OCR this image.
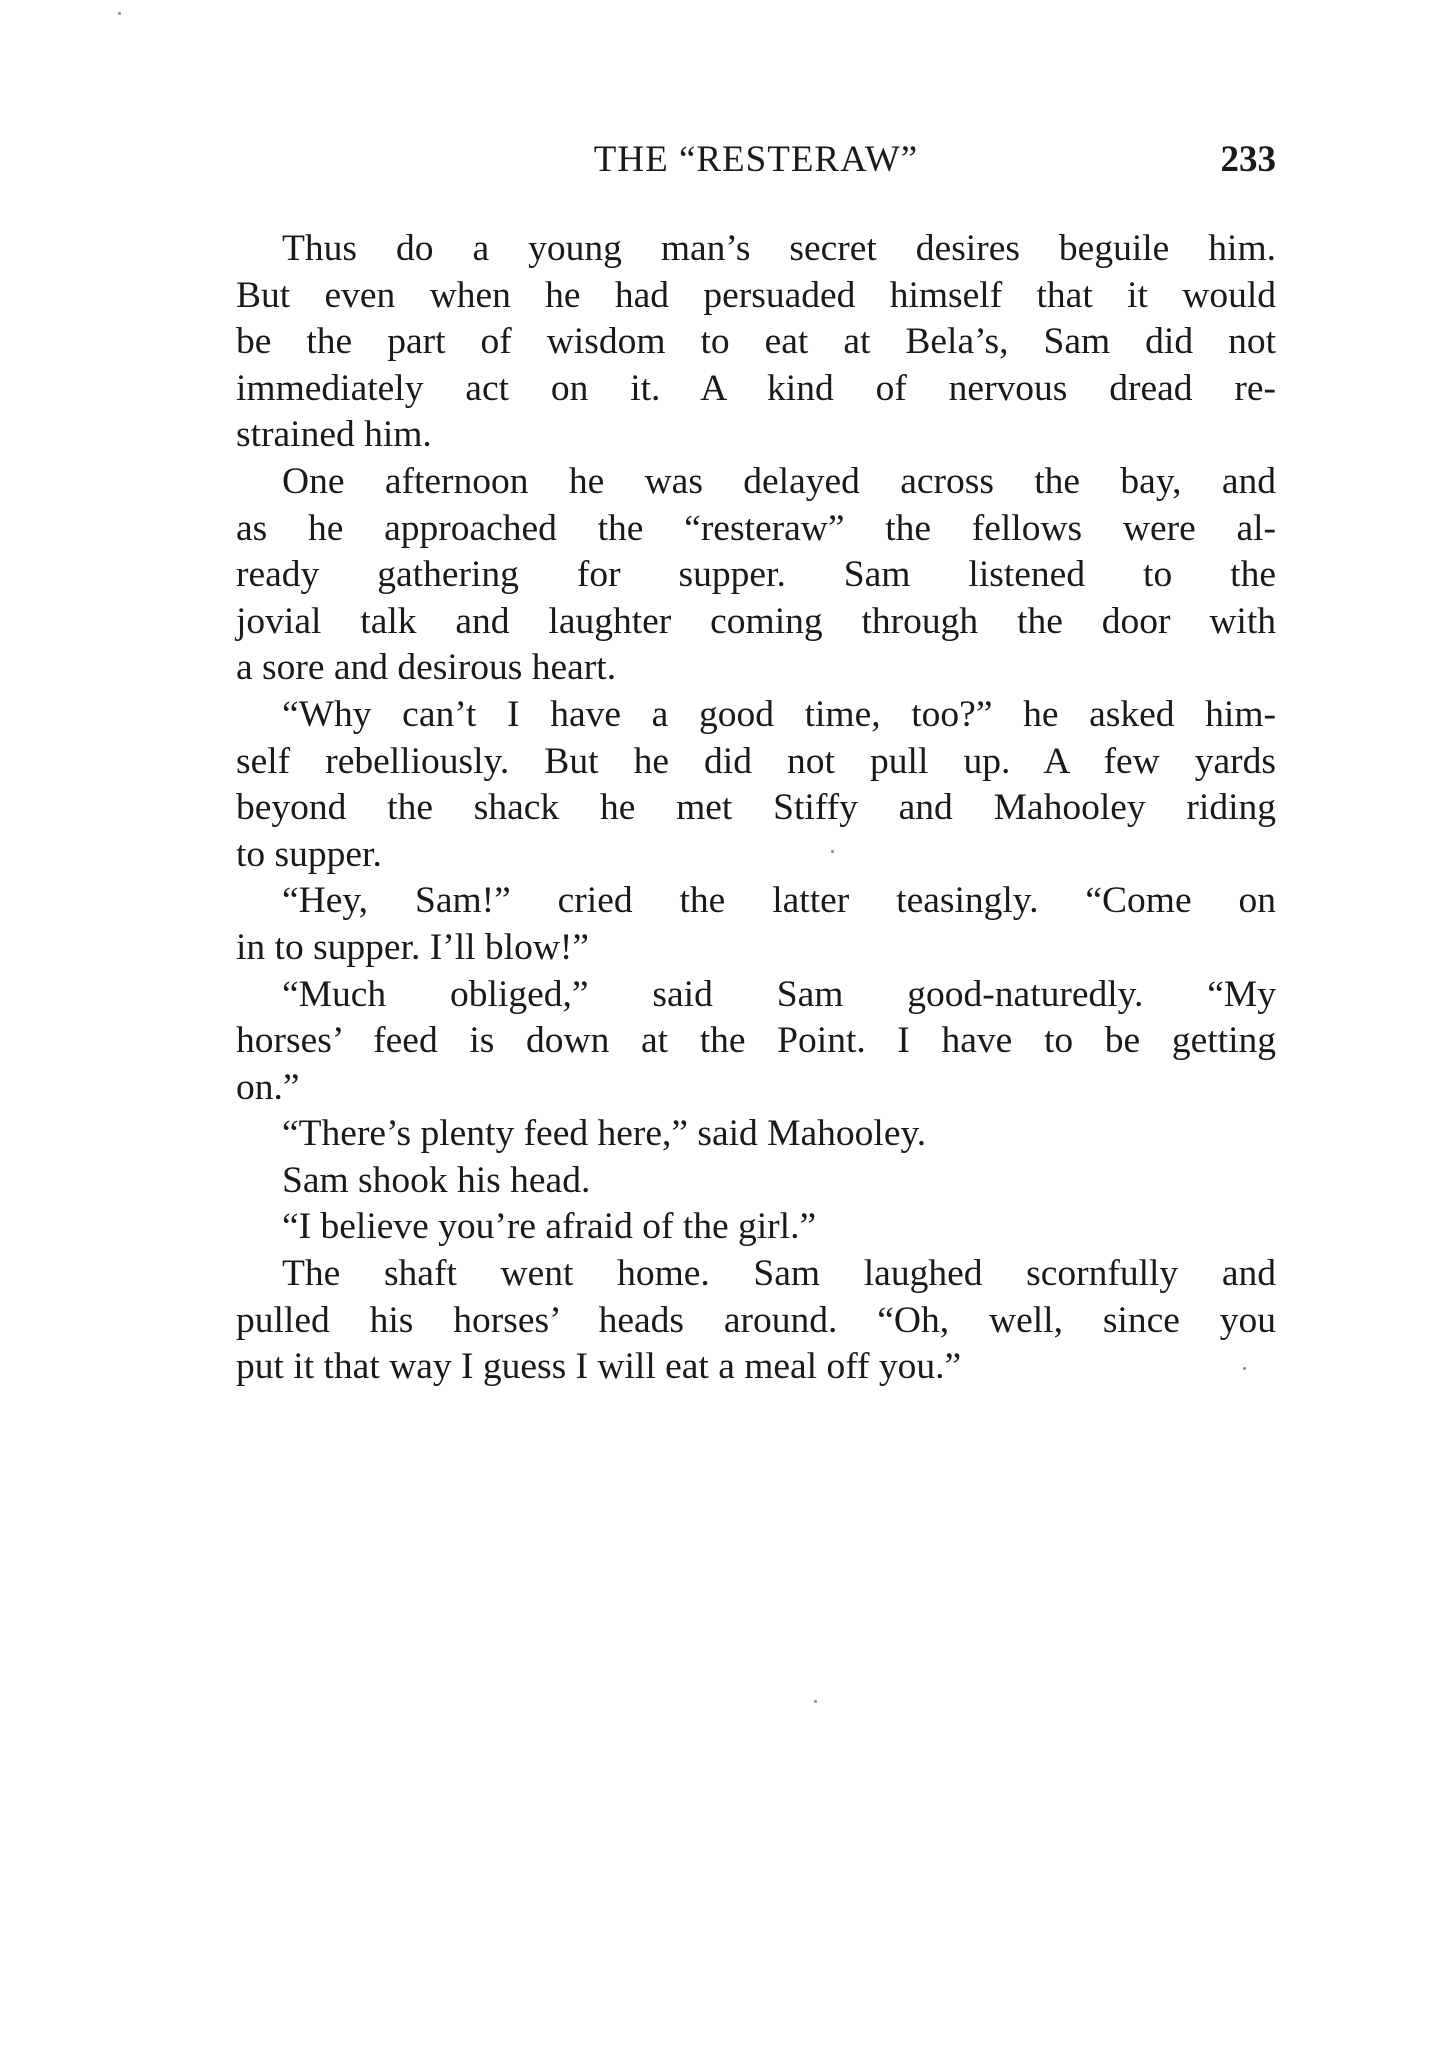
THE “RESTERAW”	233
Thus do a young man’s secret desires beguile him.
But even when he had persuaded himself that it would
be the part of wisdom to eat at Bela’s, Sam did not
immediately act on it. A kind of nervous dread re-
strained him.
One afternoon he was delayed across the bay, and
as he approached the “resteraw” the fellows were al-
ready gathering for supper. Sam listened to the
jovial talk and laughter coming through the door with
a sore and desirous heart.
“Why can’t I have a good time, too?” he asked him-
self rebelliously. But he did not pull up. A few yards
beyond the shack he met Stiffy and Mahooley riding
to supper.
“Hey, Sam!” cried the latter teasingly. “Come on
in to supper. I’ll blow!”
“Much obliged,” said Sam good-naturedly. “My
horses’ feed is down at the Point. I have to be getting
on.”
“There’s plenty feed here,” said Mahooley.
Sam shook his head.
“I believe you’re afraid of the girl.”
The shaft went home. Sam laughed scornfully and
pulled his horses’ heads around. “Oh, well, since you
put it that way I guess I will eat a meal off you.”
